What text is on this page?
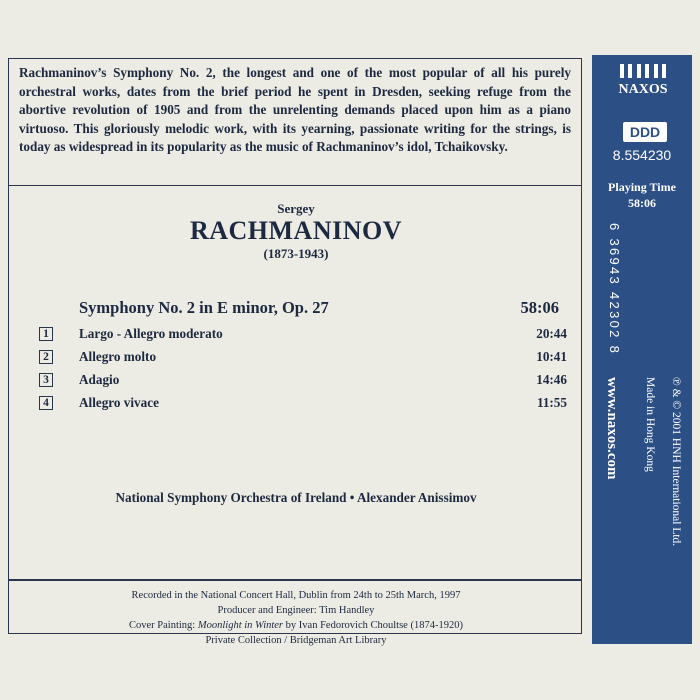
Rachmaninov’s Symphony No. 2, the longest and one of the most popular of all his purely orchestral works, dates from the brief period he spent in Dresden, seeking refuge from the abortive revolution of 1905 and from the unrelenting demands placed upon him as a piano virtuoso. This gloriously melodic work, with its yearning, passionate writing for the strings, is today as widespread in its popularity as the music of Rachmaninov’s idol, Tchaikovsky.

Sergey
RACHMANINOV
(1873-1943)
Symphony No. 2 in E minor, Op. 27	58:06
1	Largo - Allegro moderato	20:44
2	Allegro molto	10:41
3	Adagio	14:46
4	Allegro vivace	11:55
National Symphony Orchestra of Ireland • Alexander Anissimov
Recorded in the National Concert Hall, Dublin from 24th to 25th March, 1997
Producer and Engineer: Tim Handley
Cover Painting: Moonlight in Winter by Ivan Fedorovich Choultse (1874-1920)
Private Collection / Bridgeman Art Library
NAXOS
DDD
8.554230
Playing Time
58:06
6 36943 42302 8
℗ & © 2001 HNH International Ltd.
Made in Hong Kong
www.naxos.com
